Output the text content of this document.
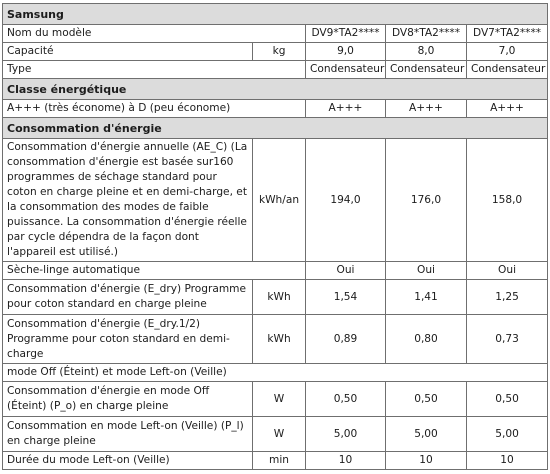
Samsung				
Nom du modèle		DV9*TA2****	DV8*TA2****	DV7*TA2****
Capacité	kg	9,0	8,0	7,0
Type		Condensateur	Condensateur	Condensateur
Classe énergétique				
A+++ (très économe) à D (peu économe)		A+++	A+++	A+++
Consommation d'énergie				
Consommation d'énergie annuelle (AE_C) (La consommation d'énergie est basée sur160 programmes de séchage standard pour coton en charge pleine et en demi-charge, et la consommation des modes de faible puissance. La consommation d'énergie réelle par cycle dépendra de la façon dont l'appareil est utilisé.)	kWh/an	194,0	176,0	158,0
Sèche-linge automatique		Oui	Oui	Oui
Consommation d'énergie (E_dry) Programme pour coton standard en charge pleine	kWh	1,54	1,41	1,25
Consommation d'énergie (E_dry.1/2) Programme pour coton standard en demi-charge	kWh	0,89	0,80	0,73
mode Off (Éteint) et mode Left-on (Veille)				
Consommation d'énergie en mode Off (Éteint) (P_o) en charge pleine	W	0,50	0,50	0,50
Consommation en mode Left-on (Veille) (P_l) en charge pleine	W	5,00	5,00	5,00
Durée du mode Left-on (Veille)	min	10	10	10
